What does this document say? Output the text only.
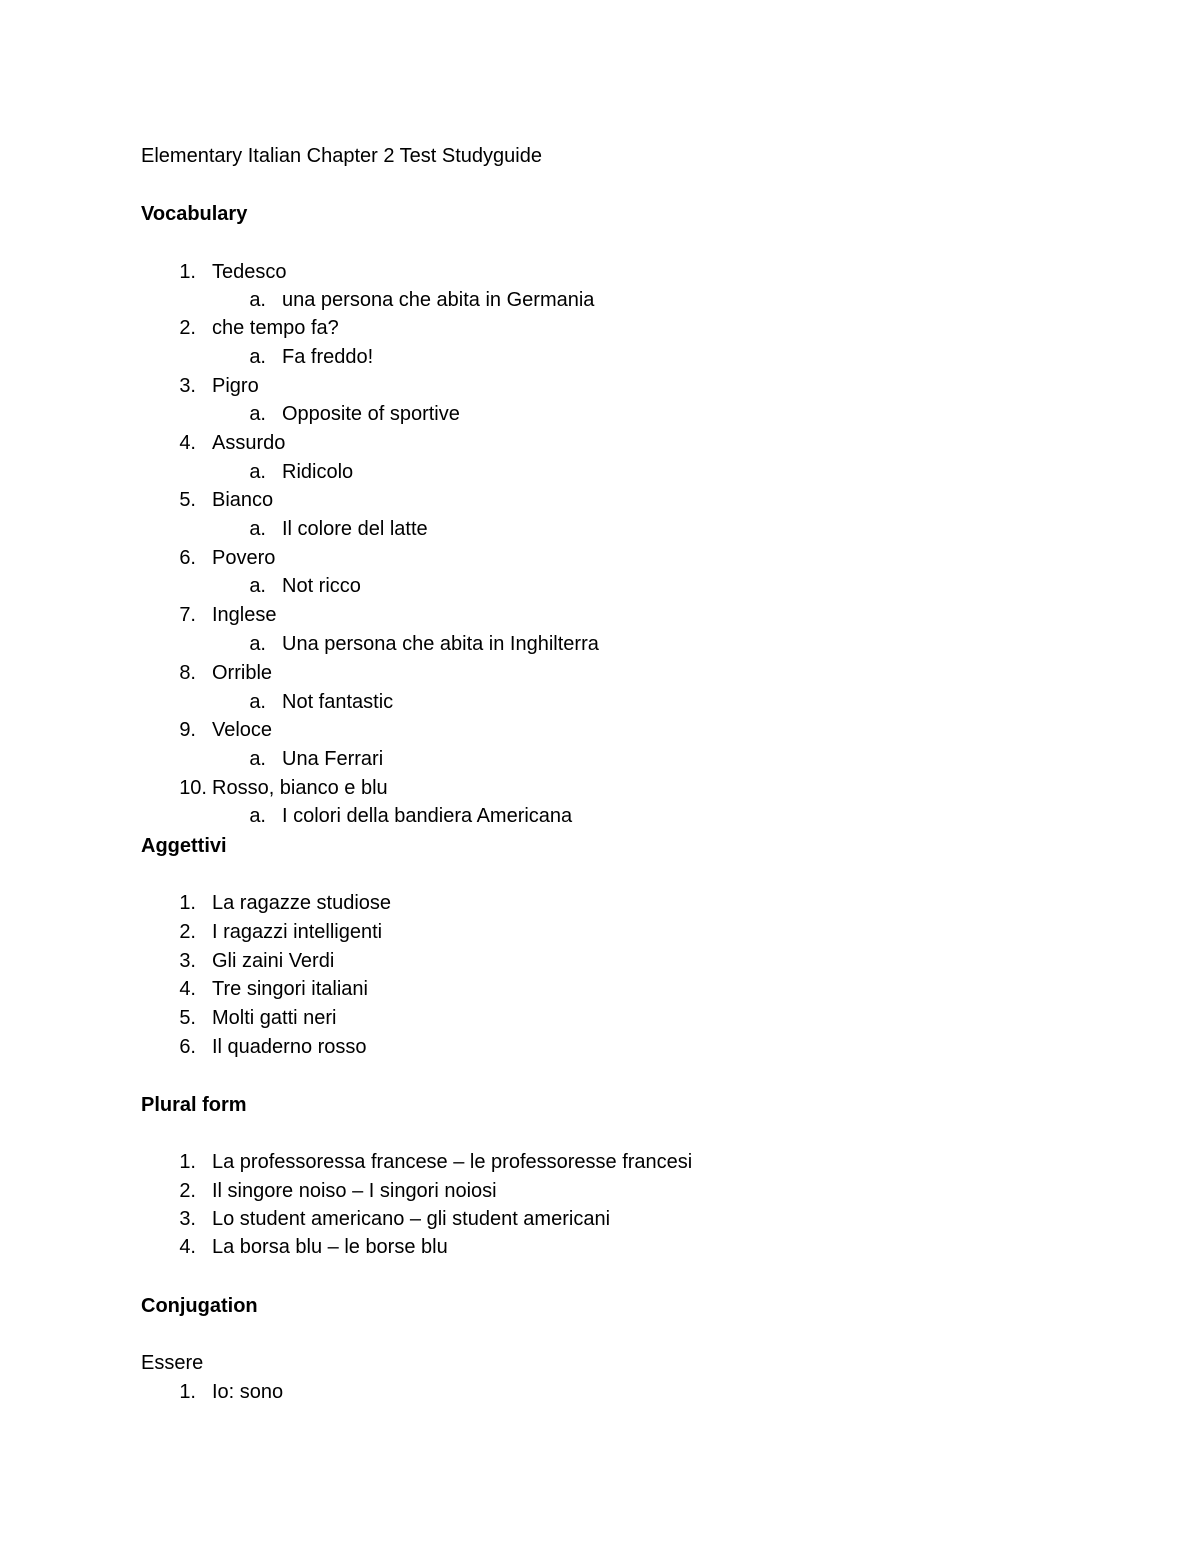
Elementary Italian Chapter 2 Test Studyguide
Vocabulary
1. Tedesco
a. una persona che abita in Germania
2. che tempo fa?
a. Fa freddo!
3. Pigro
a. Opposite of sportive
4. Assurdo
a. Ridicolo
5. Bianco
a. Il colore del latte
6. Povero
a. Not ricco
7. Inglese
a. Una persona che abita in Inghilterra
8. Orrible
a. Not fantastic
9. Veloce
a. Una Ferrari
10. Rosso, bianco e blu
a. I colori della bandiera Americana
Aggettivi
1. La ragazze studiose
2. I ragazzi intelligenti
3. Gli zaini Verdi
4. Tre singori italiani
5. Molti gatti neri
6. Il quaderno rosso
Plural form
1. La professoressa francese – le professoresse francesi
2. Il singore noiso – I singori noiosi
3. Lo student americano – gli student americani
4. La borsa blu – le borse blu
Conjugation
Essere
1. Io: sono
